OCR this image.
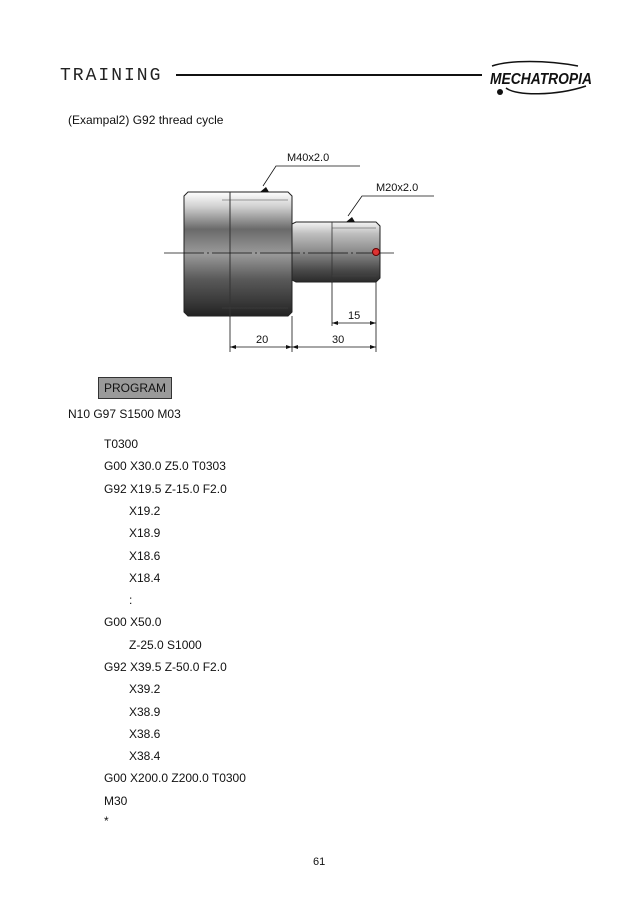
TRAINING	MECHATROPIA
(Exampal2) G92 thread cycle
M40x2.0
M20x2.0
15
20	30
PROGRAM
N10 G97 S1500 M03
T0300
G00 X30.0 Z5.0 T0303
G92 X19.5 Z-15.0 F2.0
X19.2
X18.9
X18.6
X18.4
:
G00 X50.0
Z-25.0 S1000
G92 X39.5 Z-50.0 F2.0
X39.2
X38.9
X38.6
X38.4
G00 X200.0 Z200.0 T0300
M30
*
61
